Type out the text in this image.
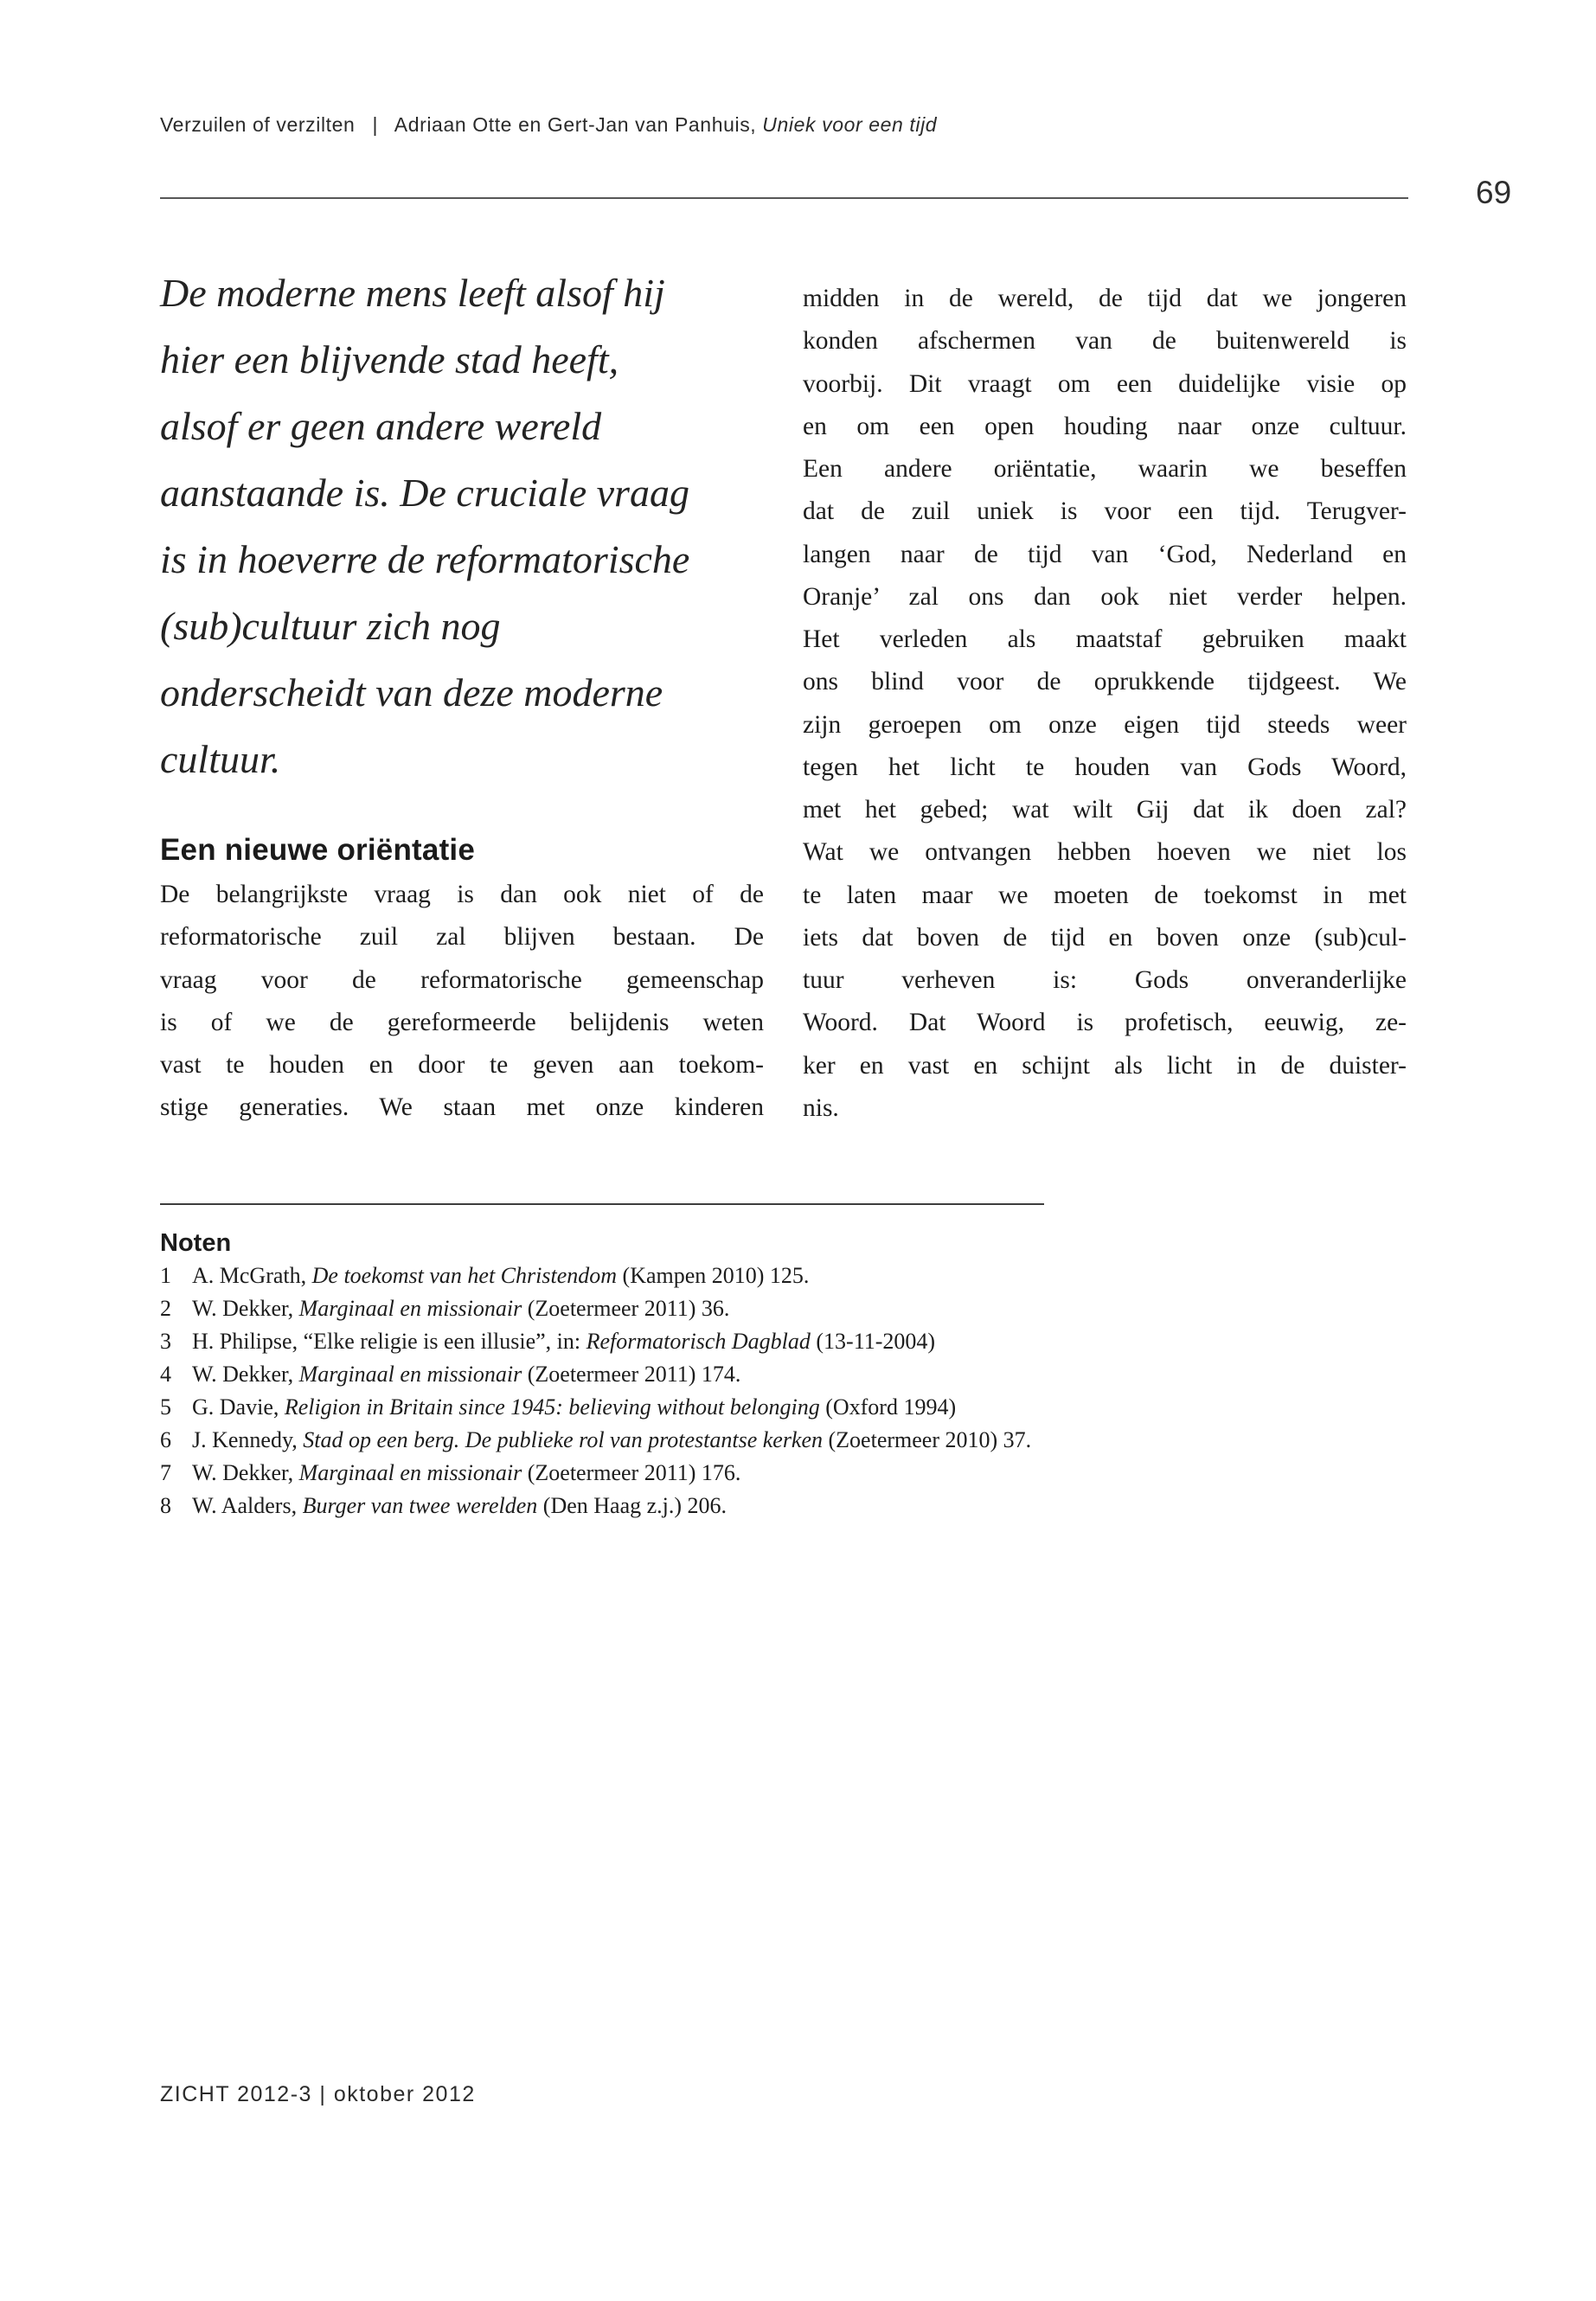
Verzuilen of verzilten | Adriaan Otte en Gert-Jan van Panhuis, Uniek voor een tijd
69
De moderne mens leeft alsof hij
hier een blijvende stad heeft,
alsof er geen andere wereld
aanstaande is. De cruciale vraag
is in hoeverre de reformatorische
(sub)cultuur zich nog
onderscheidt van deze moderne
cultuur.
Een nieuwe oriëntatie
De belangrijkste vraag is dan ook niet of de
reformatorische zuil zal blijven bestaan. De
vraag voor de reformatorische gemeenschap
is of we de gereformeerde belijdenis weten
vast te houden en door te geven aan toekom-
stige generaties. We staan met onze kinderen
midden in de wereld, de tijd dat we jongeren
konden afschermen van de buitenwereld is
voorbij. Dit vraagt om een duidelijke visie op
en om een open houding naar onze cultuur.
Een andere oriëntatie, waarin we beseffen
dat de zuil uniek is voor een tijd. Terugver-
langen naar de tijd van ‘God, Nederland en
Oranje’ zal ons dan ook niet verder helpen.
Het verleden als maatstaf gebruiken maakt
ons blind voor de oprukkende tijdgeest. We
zijn geroepen om onze eigen tijd steeds weer
tegen het licht te houden van Gods Woord,
met het gebed; wat wilt Gij dat ik doen zal?
Wat we ontvangen hebben hoeven we niet los
te laten maar we moeten de toekomst in met
iets dat boven de tijd en boven onze (sub)cul-
tuur verheven is: Gods onveranderlijke
Woord. Dat Woord is profetisch, eeuwig, ze-
ker en vast en schijnt als licht in de duister-
nis.
Noten
1 A. McGrath, De toekomst van het Christendom (Kampen 2010) 125.
2 W. Dekker, Marginaal en missionair (Zoetermeer 2011) 36.
3 H. Philipse, “Elke religie is een illusie”, in: Reformatorisch Dagblad (13-11-2004)
4 W. Dekker, Marginaal en missionair (Zoetermeer 2011) 174.
5 G. Davie, Religion in Britain since 1945: believing without belonging (Oxford 1994)
6 J. Kennedy, Stad op een berg. De publieke rol van protestantse kerken (Zoetermeer 2010) 37.
7 W. Dekker, Marginaal en missionair (Zoetermeer 2011) 176.
8 W. Aalders, Burger van twee werelden (Den Haag z.j.) 206.
ZICHT 2012-3 | oktober 2012
